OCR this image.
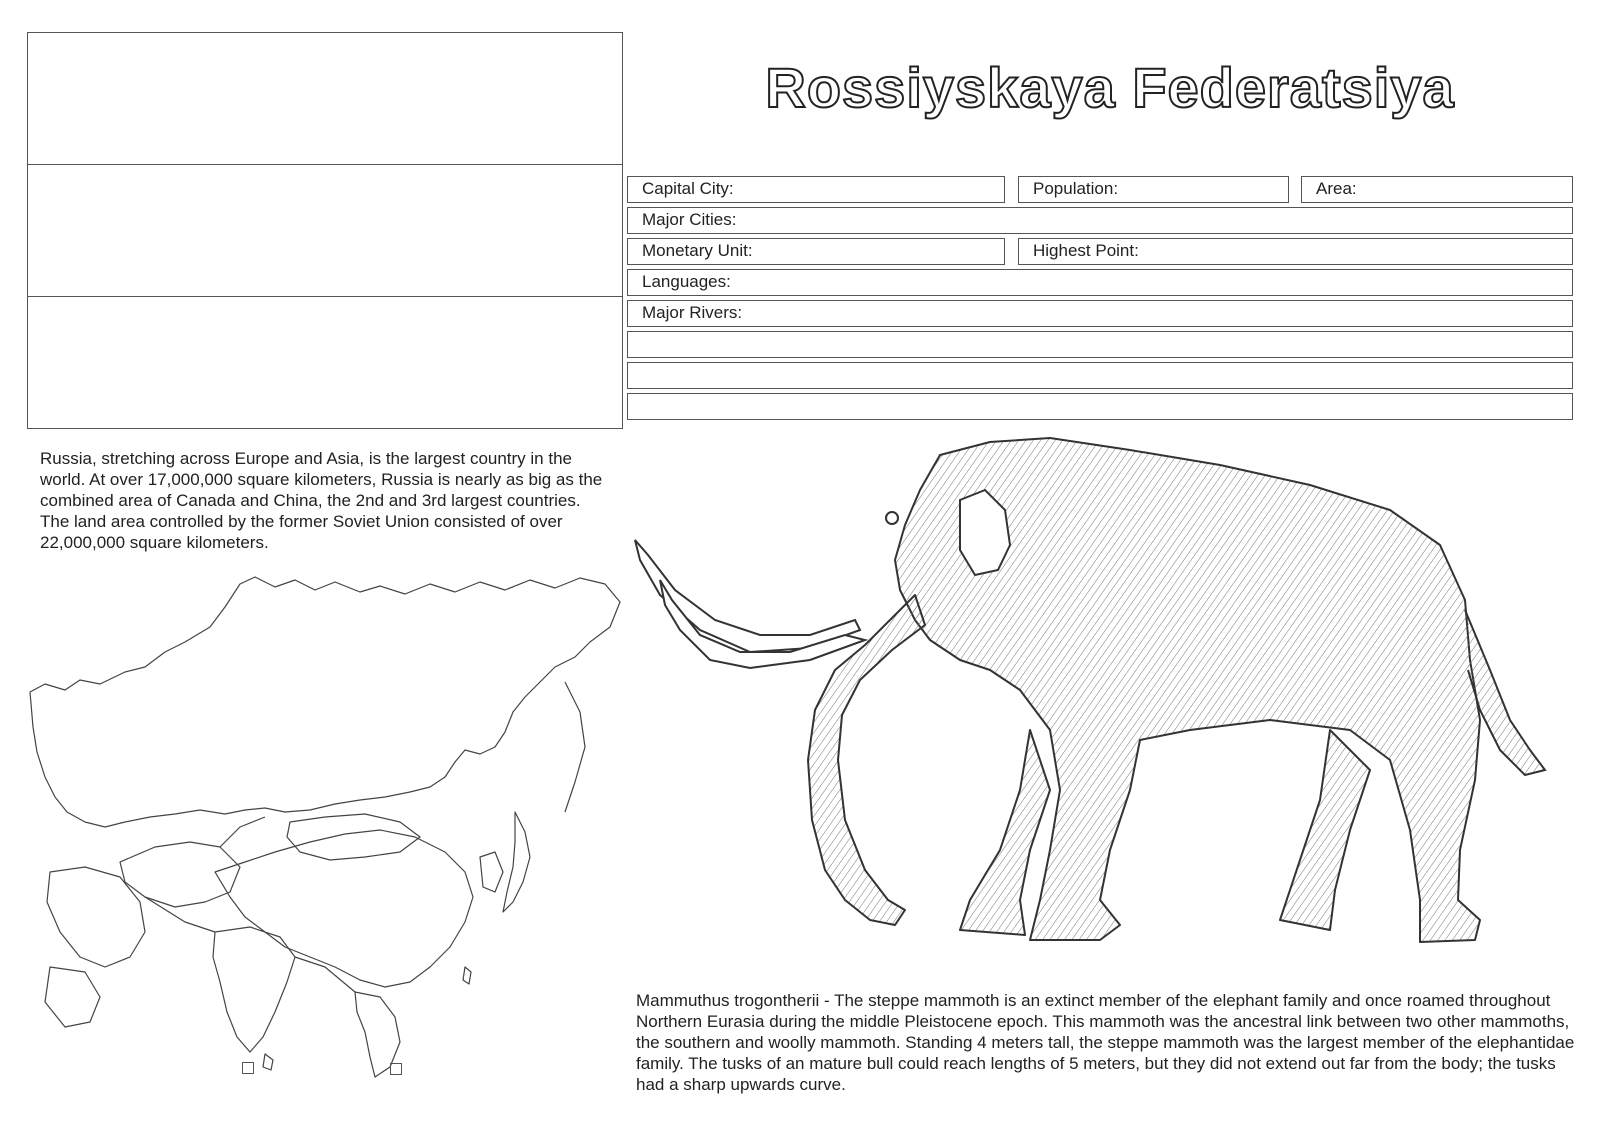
Rossiyskaya Federatsiya
Capital City:	Population:	Area:
Major Cities:
Monetary Unit:	Highest Point:
Languages:
Major Rivers:

Russia, stretching across Europe and Asia, is the largest country in the world. At over 17,000,000 square kilometers, Russia is nearly as big as the combined area of Canada and China, the 2nd and 3rd largest countries. The land area controlled by the former Soviet Union consisted of over 22,000,000 square kilometers.

Mammuthus trogontherii - The steppe mammoth is an extinct member of the elephant family and once roamed throughout Northern Eurasia during the middle Pleistocene epoch. This mammoth was the ancestral link between two other mammoths, the southern and woolly mammoth. Standing 4 meters tall, the steppe mammoth was the largest member of the elephantidae family. The tusks of an mature bull could reach lengths of 5 meters, but they did not extend out far from the body; the tusks had a sharp upwards curve.
